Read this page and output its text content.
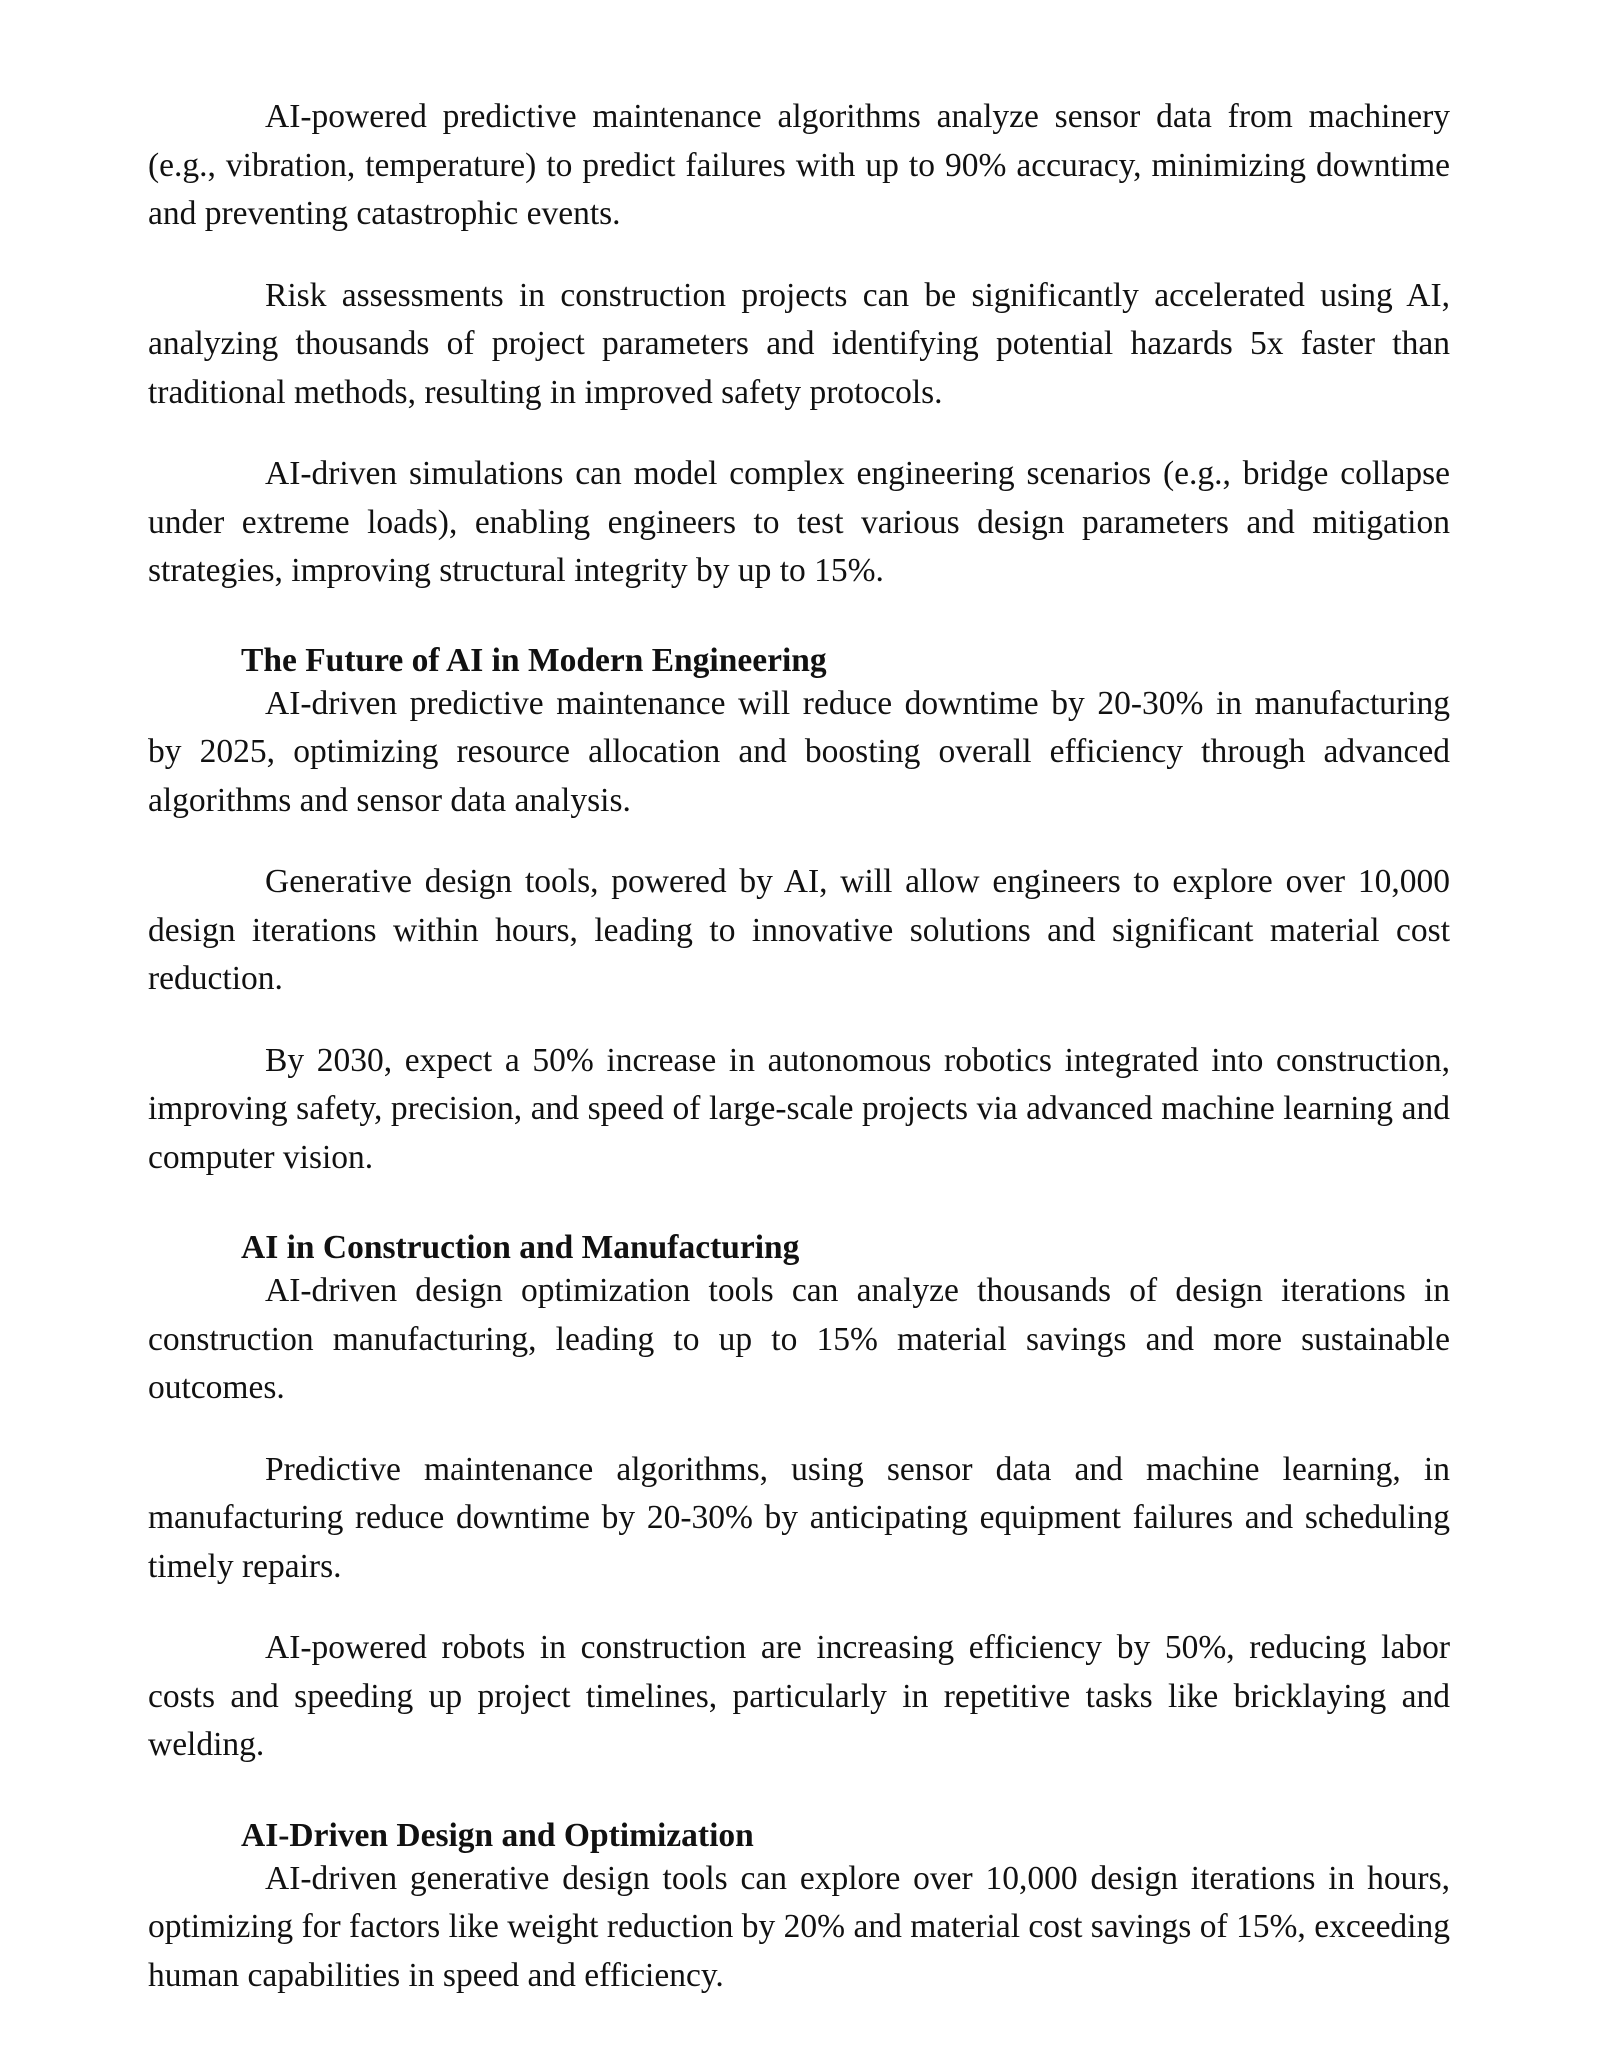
AI-powered predictive maintenance algorithms analyze sensor data from machinery (e.g., vibration, temperature) to predict failures with up to 90% accuracy, minimizing downtime and preventing catastrophic events.

Risk assessments in construction projects can be significantly accelerated using AI, analyzing thousands of project parameters and identifying potential hazards 5x faster than traditional methods, resulting in improved safety protocols.

AI-driven simulations can model complex engineering scenarios (e.g., bridge collapse under extreme loads), enabling engineers to test various design parameters and mitigation strategies, improving structural integrity by up to 15%.

The Future of AI in Modern Engineering

AI-driven predictive maintenance will reduce downtime by 20-30% in manufacturing by 2025, optimizing resource allocation and boosting overall efficiency through advanced algorithms and sensor data analysis.

Generative design tools, powered by AI, will allow engineers to explore over 10,000 design iterations within hours, leading to innovative solutions and significant material cost reduction.

By 2030, expect a 50% increase in autonomous robotics integrated into construction, improving safety, precision, and speed of large-scale projects via advanced machine learning and computer vision.

AI in Construction and Manufacturing

AI-driven design optimization tools can analyze thousands of design iterations in construction manufacturing, leading to up to 15% material savings and more sustainable outcomes.

Predictive maintenance algorithms, using sensor data and machine learning, in manufacturing reduce downtime by 20-30% by anticipating equipment failures and scheduling timely repairs.

AI-powered robots in construction are increasing efficiency by 50%, reducing labor costs and speeding up project timelines, particularly in repetitive tasks like bricklaying and welding.

AI-Driven Design and Optimization

AI-driven generative design tools can explore over 10,000 design iterations in hours, optimizing for factors like weight reduction by 20% and material cost savings of 15%, exceeding human capabilities in speed and efficiency.
